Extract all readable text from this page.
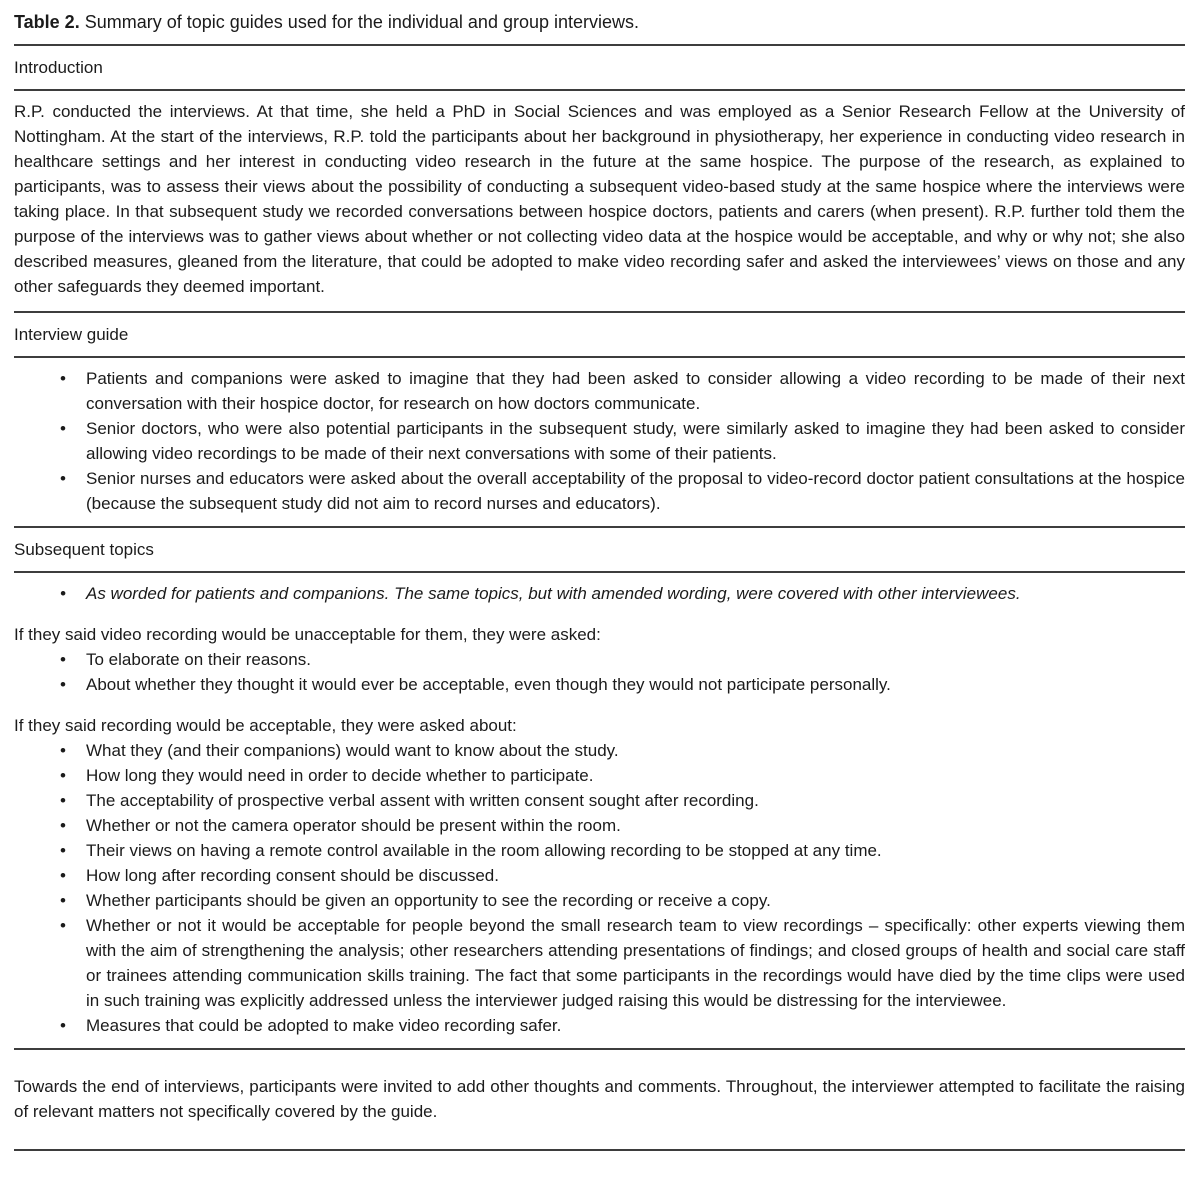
Table 2. Summary of topic guides used for the individual and group interviews.
Introduction

R.P. conducted the interviews. At that time, she held a PhD in Social Sciences and was employed as a Senior Research Fellow at the University of Nottingham. At the start of the interviews, R.P. told the participants about her background in physiotherapy, her experience in conducting video research in healthcare settings and her interest in conducting video research in the future at the same hospice. The purpose of the research, as explained to participants, was to assess their views about the possibility of conducting a subsequent video-based study at the same hospice where the interviews were taking place. In that subsequent study we recorded conversations between hospice doctors, patients and carers (when present). R.P. further told them the purpose of the interviews was to gather views about whether or not collecting video data at the hospice would be acceptable, and why or why not; she also described measures, gleaned from the literature, that could be adopted to make video recording safer and asked the interviewees’ views on those and any other safeguards they deemed important.

Interview guide
• Patients and companions were asked to imagine that they had been asked to consider allowing a video recording to be made of their next conversation with their hospice doctor, for research on how doctors communicate.
• Senior doctors, who were also potential participants in the subsequent study, were similarly asked to imagine they had been asked to consider allowing video recordings to be made of their next conversations with some of their patients.
• Senior nurses and educators were asked about the overall acceptability of the proposal to video-record doctor patient consultations at the hospice (because the subsequent study did not aim to record nurses and educators).
Subsequent topics
• As worded for patients and companions. The same topics, but with amended wording, were covered with other interviewees.

If they said video recording would be unacceptable for them, they were asked:

• To elaborate on their reasons.
• About whether they thought it would ever be acceptable, even though they would not participate personally.

If they said recording would be acceptable, they were asked about:

• What they (and their companions) would want to know about the study.
• How long they would need in order to decide whether to participate.
• The acceptability of prospective verbal assent with written consent sought after recording.
• Whether or not the camera operator should be present within the room.
• Their views on having a remote control available in the room allowing recording to be stopped at any time.
• How long after recording consent should be discussed.
• Whether participants should be given an opportunity to see the recording or receive a copy.
• Whether or not it would be acceptable for people beyond the small research team to view recordings – specifically: other experts viewing them with the aim of strengthening the analysis; other researchers attending presentations of findings; and closed groups of health and social care staff or trainees attending communication skills training. The fact that some participants in the recordings would have died by the time clips were used in such training was explicitly addressed unless the interviewer judged raising this would be distressing for the interviewee.
• Measures that could be adopted to make video recording safer.

Towards the end of interviews, participants were invited to add other thoughts and comments. Throughout, the interviewer attempted to facilitate the raising of relevant matters not specifically covered by the guide.
